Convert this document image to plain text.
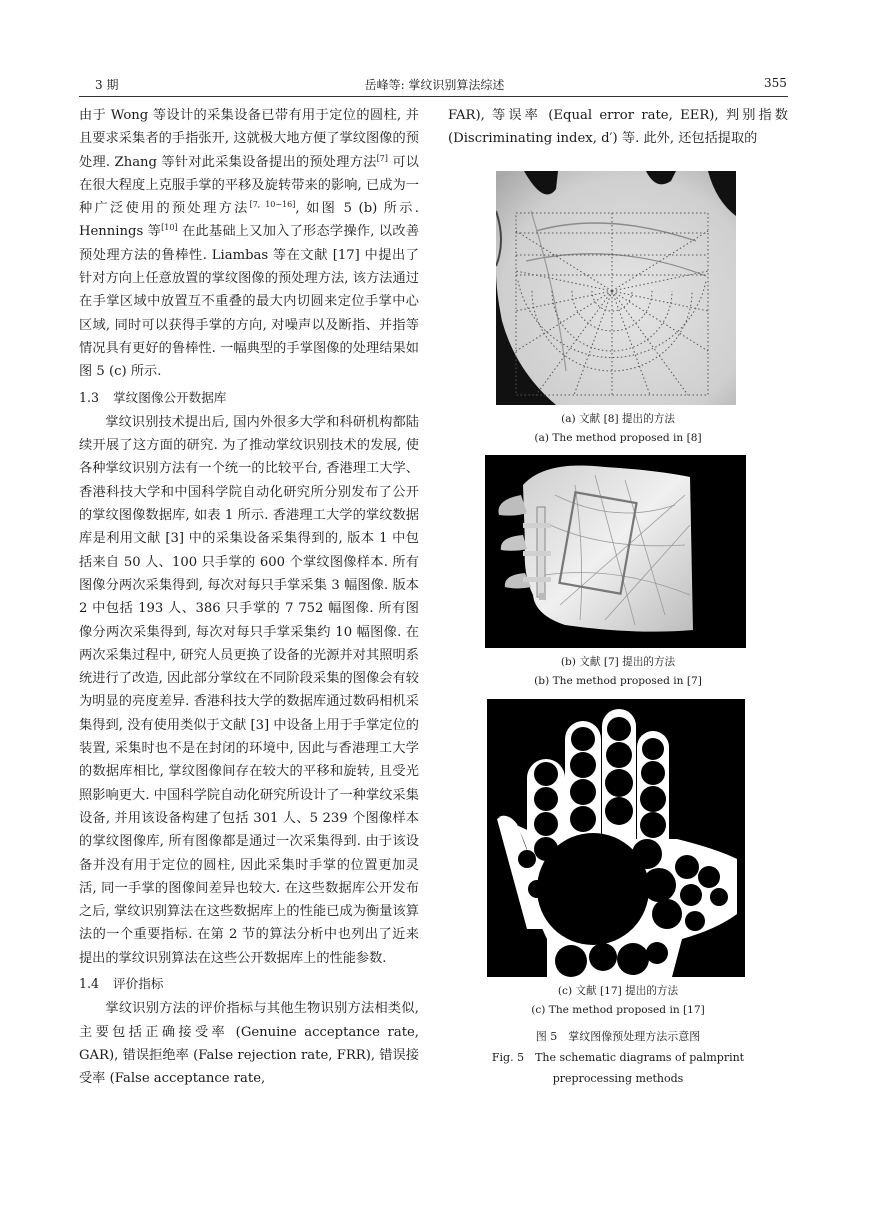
3 期	岳峰等: 掌纹识别算法综述	355

由于 Wong 等设计的采集设备已带有用于定位的圆柱, 并且要求采集者的手指张开, 这就极大地方便了掌纹图像的预处理. Zhang 等针对此采集设备提出的预处理方法[7] 可以在很大程度上克服手掌的平移及旋转带来的影响, 已成为一种广泛使用的预处理方法[7, 10−16], 如图 5 (b) 所示. Hennings 等[10] 在此基础上又加入了形态学操作, 以改善预处理方法的鲁棒性. Liambas 等在文献 [17] 中提出了针对方向上任意放置的掌纹图像的预处理方法, 该方法通过在手掌区域中放置互不重叠的最大内切圆来定位手掌中心区域, 同时可以获得手掌的方向, 对噪声以及断指、并指等情况具有更好的鲁棒性. 一幅典型的手掌图像的处理结果如图 5 (c) 所示.

1.3 掌纹图像公开数据库

掌纹识别技术提出后, 国内外很多大学和科研机构都陆续开展了这方面的研究. 为了推动掌纹识别技术的发展, 使各种掌纹识别方法有一个统一的比较平台, 香港理工大学、香港科技大学和中国科学院自动化研究所分别发布了公开的掌纹图像数据库, 如表 1 所示. 香港理工大学的掌纹数据库是利用文献 [3] 中的采集设备采集得到的, 版本 1 中包括来自 50 人、100 只手掌的 600 个掌纹图像样本. 所有图像分两次采集得到, 每次对每只手掌采集 3 幅图像. 版本 2 中包括 193 人、386 只手掌的 7 752 幅图像. 所有图像分两次采集得到, 每次对每只手掌采集约 10 幅图像. 在两次采集过程中, 研究人员更换了设备的光源并对其照明系统进行了改造, 因此部分掌纹在不同阶段采集的图像会有较为明显的亮度差异. 香港科技大学的数据库通过数码相机采集得到, 没有使用类似于文献 [3] 中设备上用于手掌定位的装置, 采集时也不是在封闭的环境中, 因此与香港理工大学的数据库相比, 掌纹图像间存在较大的平移和旋转, 且受光照影响更大. 中国科学院自动化研究所设计了一种掌纹采集设备, 并用该设备构建了包括 301 人、5 239 个图像样本的掌纹图像库, 所有图像都是通过一次采集得到. 由于该设备并没有用于定位的圆柱, 因此采集时手掌的位置更加灵活, 同一手掌的图像间差异也较大. 在这些数据库公开发布之后, 掌纹识别算法在这些数据库上的性能已成为衡量该算法的一个重要指标. 在第 2 节的算法分析中也列出了近来提出的掌纹识别算法在这些公开数据库上的性能参数.

1.4 评价指标

掌纹识别方法的评价指标与其他生物识别方法相类似, 主要包括正确接受率 (Genuine acceptance rate, GAR), 错误拒绝率 (False rejection rate, FRR), 错误接受率 (False acceptance rate,

FAR), 等误率 (Equal error rate, EER), 判别指数 (Discriminating index, d′) 等. 此外, 还包括提取的

(a) 文献 [8] 提出的方法
(a) The method proposed in [8]
(b) 文献 [7] 提出的方法
(b) The method proposed in [7]
(c) 文献 [17] 提出的方法
(c) The method proposed in [17]
图 5　掌纹图像预处理方法示意图
Fig. 5　The schematic diagrams of palmprint
preprocessing methods
